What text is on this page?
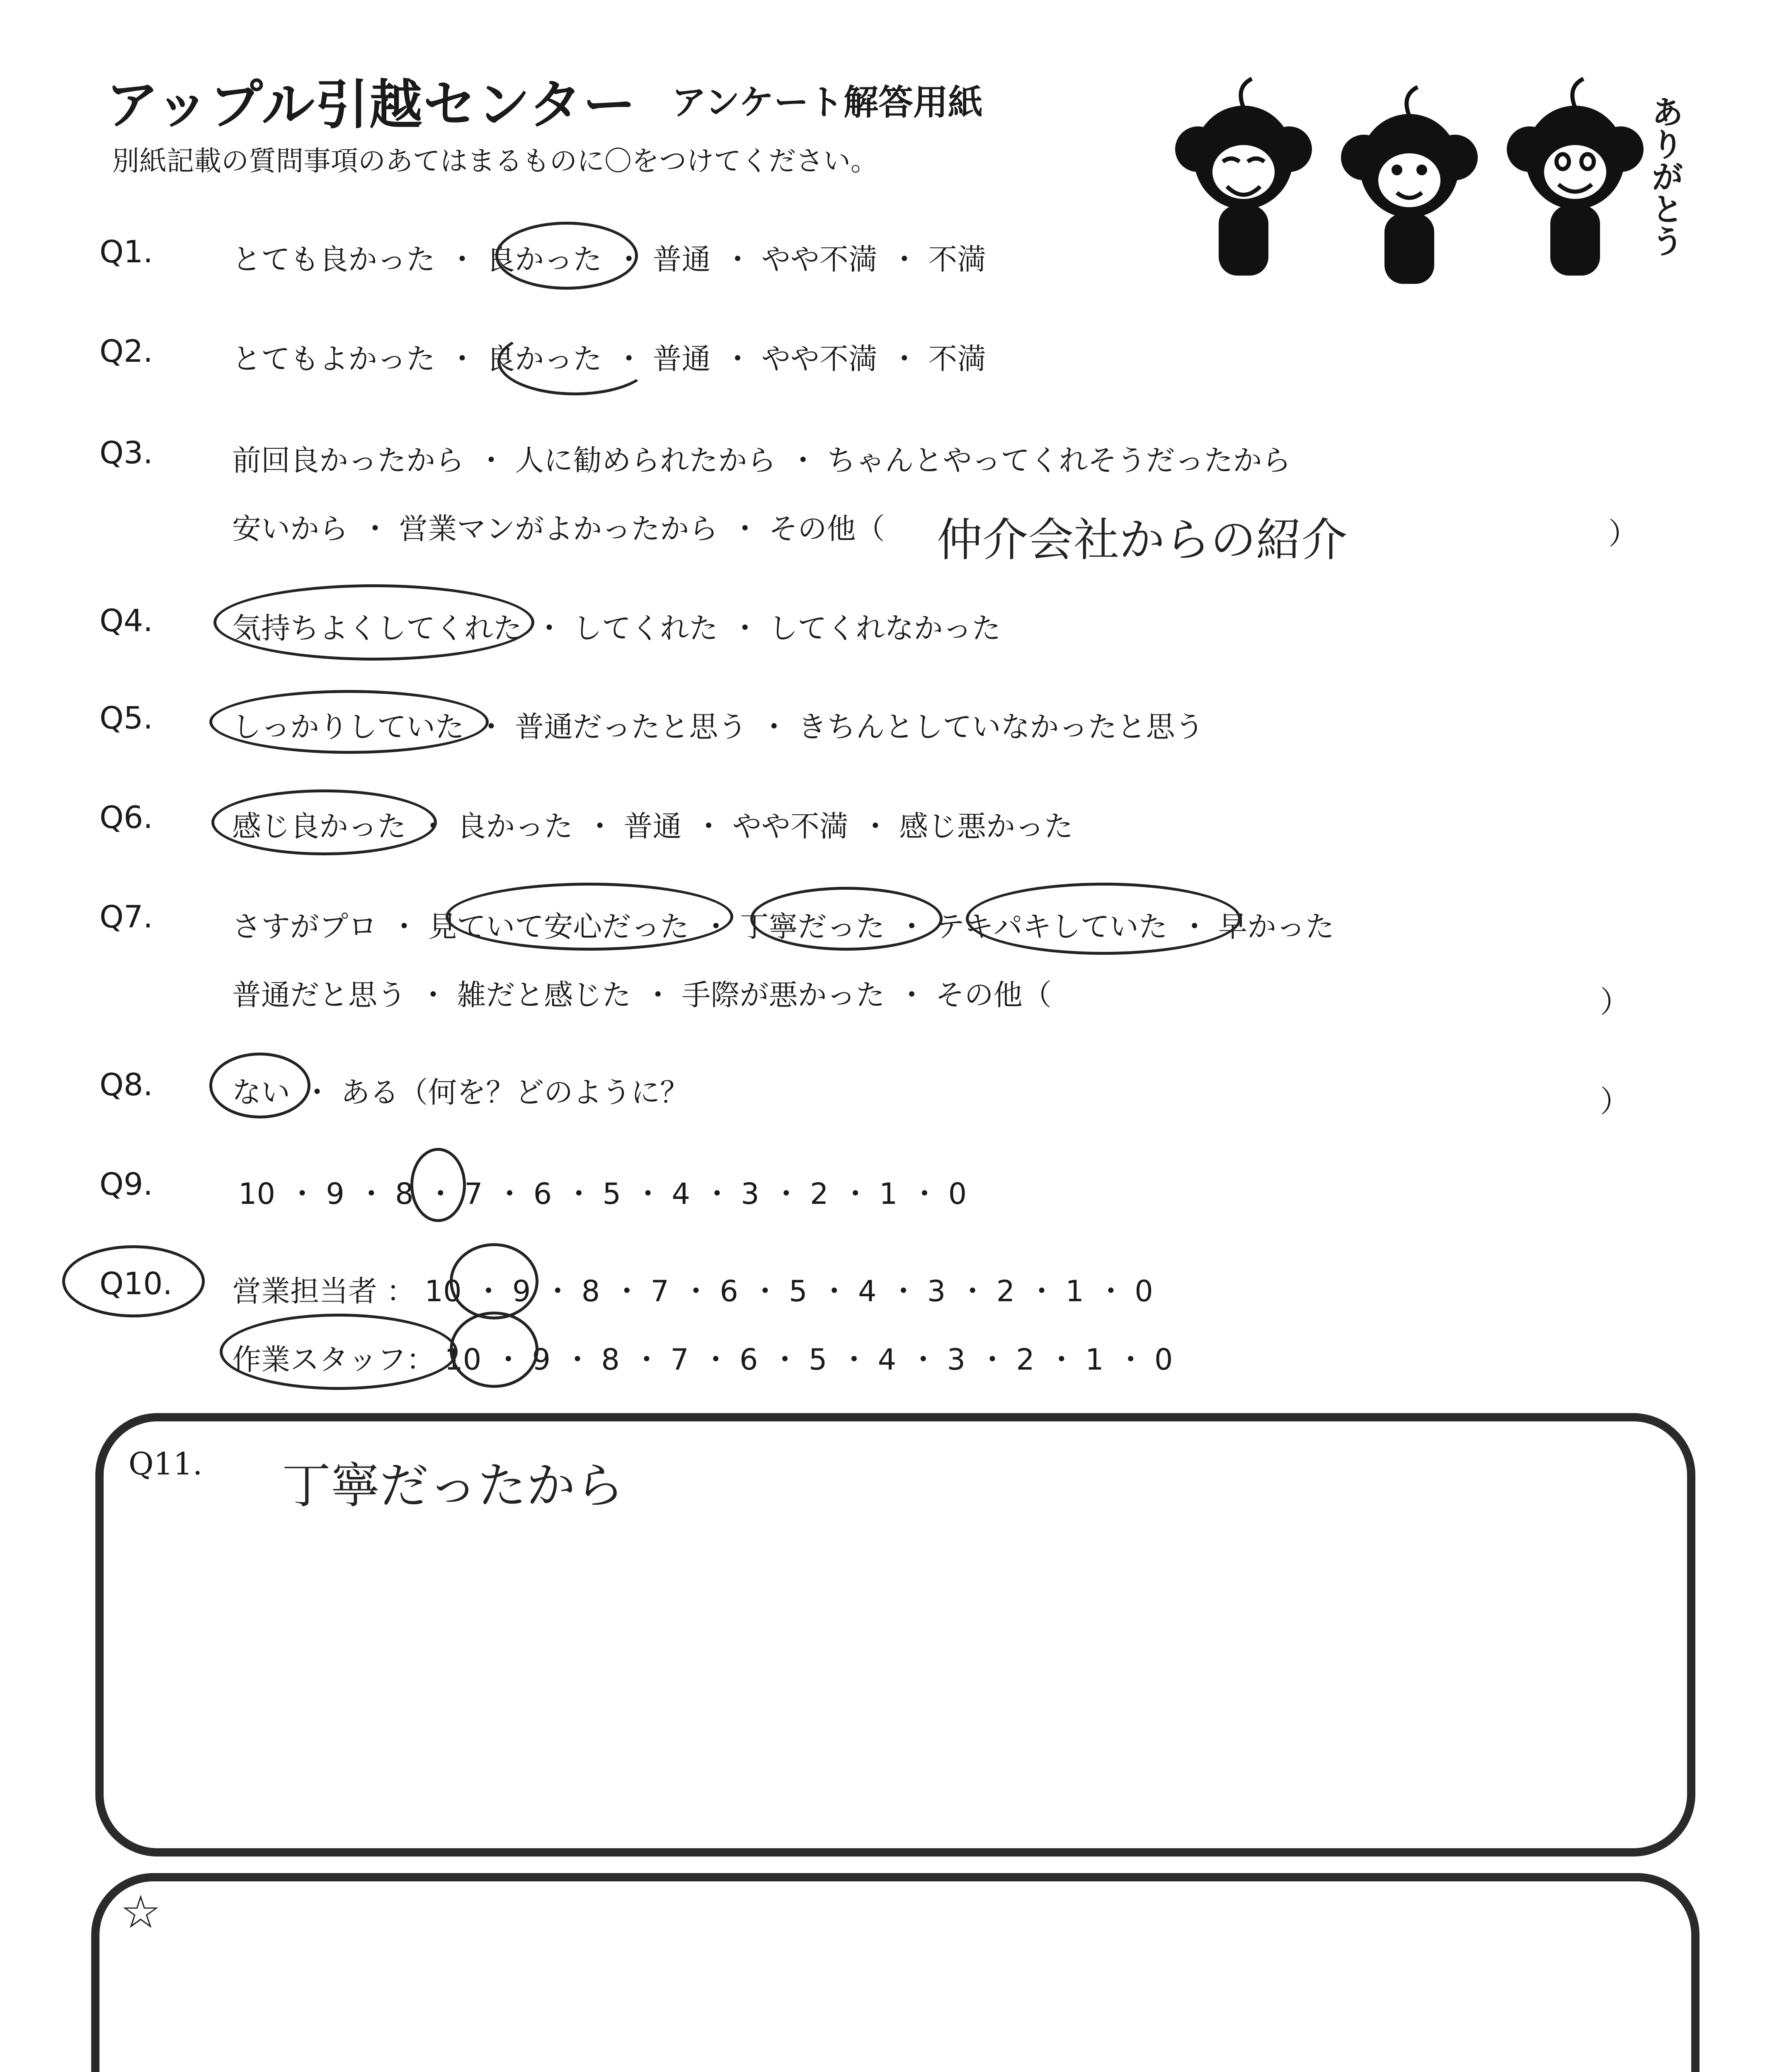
アップル引越センター アンケート解答用紙
別紙記載の質問事項のあてはまるものに〇をつけてください。	ありがとう
Q1.	とても良かった ・ 良かった ・ 普通 ・ やや不満 ・ 不満
Q2.	とてもよかった ・ 良かった ・ 普通 ・ やや不満 ・ 不満
Q3.	前回良かったから ・ 人に勧められたから ・ ちゃんとやってくれそうだったから
安いから ・ 営業マンがよかったから ・ その他（ 仲介会社からの紹介	）
Q4.	気持ちよくしてくれた ・ してくれた ・ してくれなかった
Q5.	しっかりしていた ・ 普通だったと思う ・ きちんとしていなかったと思う
Q6.	感じ良かった ・ 良かった ・ 普通 ・ やや不満 ・ 感じ悪かった
Q7.	さすがプロ ・ 見ていて安心だった ・ 丁寧だった ・ テキパキしていた ・ 早かった
普通だと思う ・ 雑だと感じた ・ 手際が悪かった ・ その他（	）
Q8.	ない ・ ある（何を？どのように？	）
Q9.	10 ・ 9 ・ 8 ・ 7 ・ 6 ・ 5 ・ 4 ・ 3 ・ 2 ・ 1 ・ 0
Q10. 営業担当者 ： 10 ・ 9 ・ 8 ・ 7 ・ 6 ・ 5 ・ 4 ・ 3 ・ 2 ・ 1 ・ 0
作業スタッフ： 10 ・ 9 ・ 8 ・ 7 ・ 6 ・ 5 ・ 4 ・ 3 ・ 2 ・ 1 ・ 0
Q11. 丁寧だったから
☆
